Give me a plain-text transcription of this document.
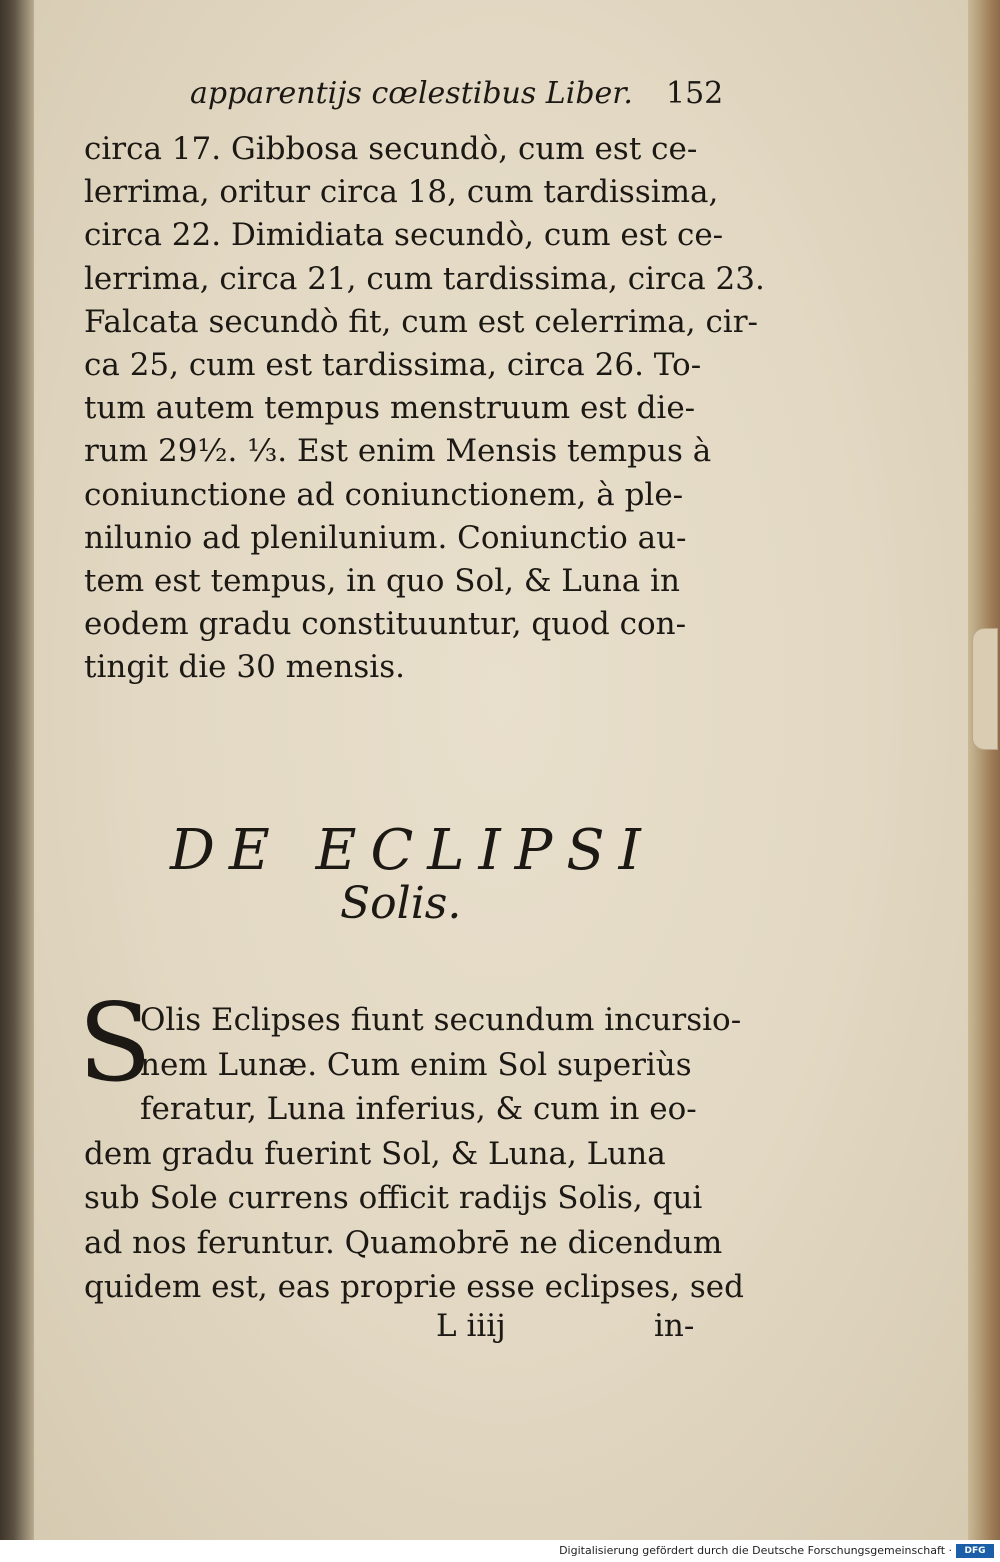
apparentijs cœlestibus Liber. 152
circa 17. Gibbosa secundò, cum est ce-
lerrima, oritur circa 18, cum tardissima,
circa 22. Dimidiata secundò, cum est ce-
lerrima, circa 21, cum tardissima, circa 23.
Falcata secundò fit, cum est celerrima, cir-
ca 25, cum est tardissima, circa 26. To-
tum autem tempus menstruum est die-
rum 29½. ⅓. Est enim Mensis tempus à
coniunctione ad coniunctionem, à ple-
nilunio ad plenilunium. Coniunctio au-
tem est tempus, in quo Sol, & Luna in
eodem gradu constituuntur, quod con-
tingit die 30 mensis.
DE ECLIPSI
Solis.
S
Olis Eclipses fiunt secundum incursio-
nem Lunæ. Cum enim Sol superiùs
feratur, Luna inferius, & cum in eo-
dem gradu fuerint Sol, & Luna, Luna
sub Sole currens officit radijs Solis, qui
ad nos feruntur. Quamobrē ne dicendum
quidem est, eas proprie esse eclipses, sed
L iiij	in-
Digitalisierung gefördert durch die Deutsche Forschungsgemeinschaft ·	DFG
